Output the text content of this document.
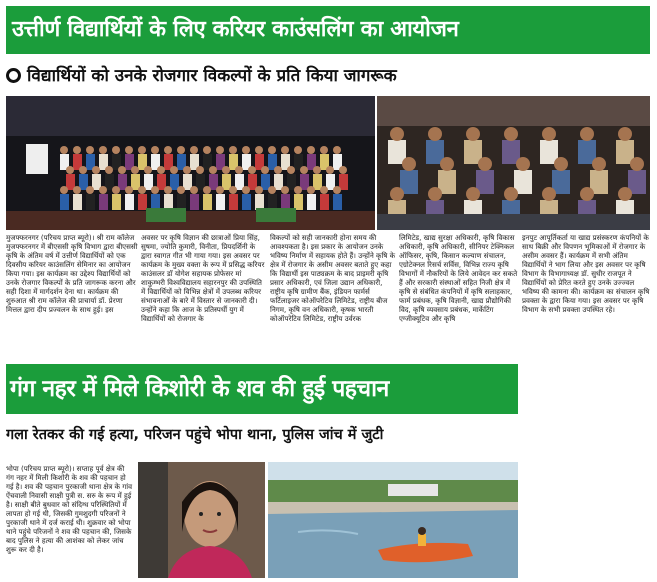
उत्तीर्ण विद्यार्थियों के लिए करियर काउंसलिंग का आयोजन
विद्यार्थियों को उनके रोजगार विकल्पों के प्रति किया जागरूक
मुजफ्फरनगर (परिचय प्राप्त ब्यूरो)। श्री राम कॉलेज मुजफ्फरनगर में बीएससी कृषि विभाग द्वारा बीएससी कृषि के अंतिम वर्ष में उत्तीर्ण विद्यार्थियों को एक दिवसीय करियर काउंसलिंग सेमिनार का आयोजन किया गया। इस कार्यक्रम का उद्देश्य विद्यार्थियों को उनके रोजगार विकल्पों के प्रति जागरूक करना और सही दिशा में मार्गदर्शन देना था। कार्यक्रम की शुरुआत श्री राम कॉलेज की प्राचार्या डॉ. प्रेरणा मित्तल द्वारा दीप प्रज्वलन के साथ हुई। इस
अवसर पर कृषि विज्ञान की छात्राओं प्रिया सिंह, सुषमा, ज्योति कुमारी, विनीता, प्रियदर्शिनी के द्वारा स्वागत गीत भी गाया गया। इस अवसर पर कार्यक्रम के मुख्य वक्ता के रूप में प्रसिद्ध करियर काउंसलर डॉ योगेश सहायक प्रोफेसर मां शाकुम्भरी विश्वविद्यालय सहारनपुर की उपस्थिति में विद्यार्थियों को विभिन्न क्षेत्रों में उपलब्ध करियर संभावनाओं के बारे में विस्तार से जानकारी दी। उन्होंने कहा कि आज के प्रतिस्पर्धी युग में विद्यार्थियों को रोजगार के
विकल्पों को सही जानकारी होना समय की आवश्यकता है। इस प्रकार के आयोजन उनके भविष्य निर्माण में सहायक होते हैं। उन्होंने कृषि के क्षेत्र में रोजगार के असीम अवसर बताते हुए कहा कि विद्यार्थी इस पाठ्यक्रम के बाद प्राइमरी कृषि प्रसार अधिकारी, एवं जिला उद्यान अधिकारी, राष्ट्रीय कृषि ग्रामीण बैंक, इंडियन फार्मर्स फर्टिलाइजर कोऑपरेटिव लिमिटेड, राष्ट्रीय बीज निगम, कृषि वन अधिकारी, कृषक भारती कोऑपरेटिव लिमिटेड, राष्ट्रीय उर्वरक
लिमिटेड, खाद्य सुरक्षा अधिकारी, कृषि विकास अधिकारी, कृषि अधिकारी, सीनियर टेक्निकल ऑफिसर, कृषि, किसान कल्याण संचालन, एग्रोटेक्नल रिसर्च सर्विस, विभिन्न राज्य कृषि विभागों में नौकरियों के लिये आवेदन कर सकते हैं और सरकारी संस्थाओं सहित निजी क्षेत्र में कृषि से संबंधित कंपनियों में कृषि सलाहकार, फार्म प्रबंधक, कृषि विज्ञानी, खाद्य प्रौद्योगिकी विद, कृषि व्यवसाय प्रबंधक, मार्केटिंग एग्जीक्यूटिव और कृषि
इनपुट आपूर्तिकर्ता या खाद्य प्रसंस्करण कंपनियों के साथ बिक्री और विपणन भूमिकाओं में रोजगार के असीम अवसर हैं। कार्यक्रम में सभी अंतिम विद्यार्थियों ने भाग लिया और इस अवसर पर कृषि विभाग के विभागाध्यक्ष डॉ. सुधीर राजपूत ने विद्यार्थियों को प्रेरित करते हुए उनके उज्ज्वल भविष्य की कामना की। कार्यक्रम का संचालन कृषि प्रवक्ता के द्वारा किया गया। इस अवसर पर कृषि विभाग के सभी प्रवक्ता उपस्थित रहे।
गंग नहर में मिले किशोरी के शव की हुई पहचान
गला रेतकर की गई हत्या, परिजन पहुंचे भोपा थाना, पुलिस जांच में जुटी
भोपा (परिचय प्राप्त ब्यूरो)। सप्ताह पूर्व क्षेत्र की गंग नहर में मिली किशोरी के शव की पहचान हो गई है। शव की पहचान पुरकाजी थाना क्षेत्र के गांव ऐंचवाली निवासी साक्षी पुत्री स. सरु के रूप में हुई है। साक्षी बीते बुधवार को संदिग्ध परिस्थितियों में लापता हो गई थी, जिसकी गुमशुदगी परिजनों ने पुरकाजी थाने में दर्ज कराई थी। शुक्रवार को भोपा थाने पहुंचे परिजनों ने शव की पहचान की, जिसके बाद पुलिस ने हत्या की आशंका को लेकर जांच शुरू कर दी है।
